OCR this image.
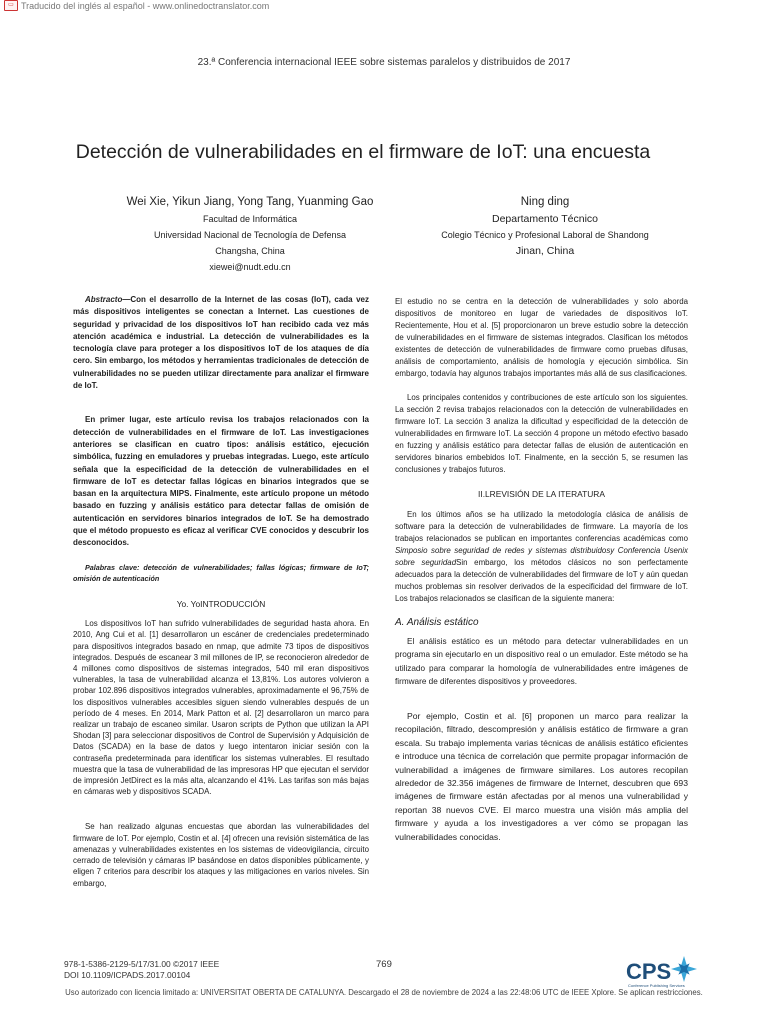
▭ Traducido del inglés al español - www.onlinedoctranslator.com
23.ª Conferencia internacional IEEE sobre sistemas paralelos y distribuidos de 2017
Detección de vulnerabilidades en el firmware de IoT: una encuesta
Wei Xie, Yikun Jiang, Yong Tang, Yuanming Gao
Facultad de Informática
Universidad Nacional de Tecnología de Defensa
Changsha, China
xiewei@nudt.edu.cn
Ning ding
Departamento Técnico
Colegio Técnico y Profesional Laboral de Shandong
Jinan, China
Abstracto—Con el desarrollo de la Internet de las cosas (IoT), cada vez más dispositivos inteligentes se conectan a Internet. Las cuestiones de seguridad y privacidad de los dispositivos IoT han recibido cada vez más atención académica e industrial. La detección de vulnerabilidades es la tecnología clave para proteger a los dispositivos IoT de los ataques de día cero. Sin embargo, los métodos y herramientas tradicionales de detección de vulnerabilidades no se pueden utilizar directamente para analizar el firmware de IoT.
En primer lugar, este artículo revisa los trabajos relacionados con la detección de vulnerabilidades en el firmware de IoT. Las investigaciones anteriores se clasifican en cuatro tipos: análisis estático, ejecución simbólica, fuzzing en emuladores y pruebas integradas. Luego, este artículo señala que la especificidad de la detección de vulnerabilidades en el firmware de IoT es detectar fallas lógicas en binarios integrados que se basan en la arquitectura MIPS. Finalmente, este artículo propone un método basado en fuzzing y análisis estático para detectar fallas de omisión de autenticación en servidores binarios integrados de IoT. Se ha demostrado que el método propuesto es eficaz al verificar CVE conocidos y descubrir los desconocidos.
Palabras clave: detección de vulnerabilidades; fallas lógicas; firmware de IoT; omisión de autenticación
Yo. YoINTRODUCCIÓN
Los dispositivos IoT han sufrido vulnerabilidades de seguridad hasta ahora. En 2010, Ang Cui et al. [1] desarrollaron un escáner de credenciales predeterminado para dispositivos integrados basado en nmap, que admite 73 tipos de dispositivos integrados. Después de escanear 3 mil millones de IP, se reconocieron alrededor de 4 millones como dispositivos de sistemas integrados, 540 mil eran dispositivos vulnerables, la tasa de vulnerabilidad alcanza el 13,81%. Los autores volvieron a probar 102.896 dispositivos integrados vulnerables, aproximadamente el 96,75% de los dispositivos vulnerables accesibles siguen siendo vulnerables después de un período de 4 meses. En 2014, Mark Patton et al. [2] desarrollaron un marco para realizar un trabajo de escaneo similar. Usaron scripts de Python que utilizan la API Shodan [3] para seleccionar dispositivos de Control de Supervisión y Adquisición de Datos (SCADA) en la base de datos y luego intentaron iniciar sesión con la contraseña predeterminada para identificar los sistemas vulnerables. El resultado muestra que la tasa de vulnerabilidad de las impresoras HP que ejecutan el servidor de impresión JetDirect es la más alta, alcanzando el 41%. Las tarifas son más bajas en cámaras web y dispositivos SCADA.
Se han realizado algunas encuestas que abordan las vulnerabilidades del firmware de IoT. Por ejemplo, Costin et al. [4] ofrecen una revisión sistemática de las amenazas y vulnerabilidades existentes en los sistemas de videovigilancia, circuito cerrado de televisión y cámaras IP basándose en datos disponibles públicamente, y eligen 7 criterios para describir los ataques y las mitigaciones en varios niveles. Sin embargo,
El estudio no se centra en la detección de vulnerabilidades y solo aborda dispositivos de monitoreo en lugar de variedades de dispositivos IoT. Recientemente, Hou et al. [5] proporcionaron un breve estudio sobre la detección de vulnerabilidades en el firmware de sistemas integrados. Clasifican los métodos existentes de detección de vulnerabilidades de firmware como pruebas difusas, análisis de comportamiento, análisis de homología y ejecución simbólica. Sin embargo, todavía hay algunos trabajos importantes más allá de sus clasificaciones.
Los principales contenidos y contribuciones de este artículo son los siguientes. La sección 2 revisa trabajos relacionados con la detección de vulnerabilidades en firmware IoT. La sección 3 analiza la dificultad y especificidad de la detección de vulnerabilidades en firmware IoT. La sección 4 propone un método efectivo basado en fuzzing y análisis estático para detectar fallas de elusión de autenticación en servidores binarios embebidos IoT. Finalmente, en la sección 5, se resumen las conclusiones y trabajos futuros.
II.LREVISIÓN DE LA ITERATURA
En los últimos años se ha utilizado la metodología clásica de análisis de software para la detección de vulnerabilidades de firmware. La mayoría de los trabajos relacionados se publican en importantes conferencias académicas como Simposio sobre seguridad de redes y sistemas distribuidosy Conferencia Usenix sobre seguridadSin embargo, los métodos clásicos no son perfectamente adecuados para la detección de vulnerabilidades del firmware de IoT y aún quedan muchos problemas sin resolver derivados de la especificidad del firmware de IoT. Los trabajos relacionados se clasifican de la siguiente manera:
A. Análisis estático
El análisis estático es un método para detectar vulnerabilidades en un programa sin ejecutarlo en un dispositivo real o un emulador. Este método se ha utilizado para comparar la homología de vulnerabilidades entre imágenes de firmware de diferentes dispositivos y proveedores.
Por ejemplo, Costin et al. [6] proponen un marco para realizar la recopilación, filtrado, descompresión y análisis estático de firmware a gran escala. Su trabajo implementa varias técnicas de análisis estático eficientes e introduce una técnica de correlación que permite propagar información de vulnerabilidad a imágenes de firmware similares. Los autores recopilan alrededor de 32.356 imágenes de firmware de Internet, descubren que 693 imágenes de firmware están afectadas por al menos una vulnerabilidad y reportan 38 nuevos CVE. El marco muestra una visión más amplia del firmware y ayuda a los investigadores a ver cómo se propagan las vulnerabilidades conocidas.
978-1-5386-2129-5/17/31.00 ©2017 IEEE
DOI 10.1109/ICPADS.2017.00104
769	CPS
Conference Publishing Services
Uso autorizado con licencia limitado a: UNIVERSITAT OBERTA DE CATALUNYA. Descargado el 28 de noviembre de 2024 a las 22:48:06 UTC de IEEE Xplore. Se aplican restricciones.
